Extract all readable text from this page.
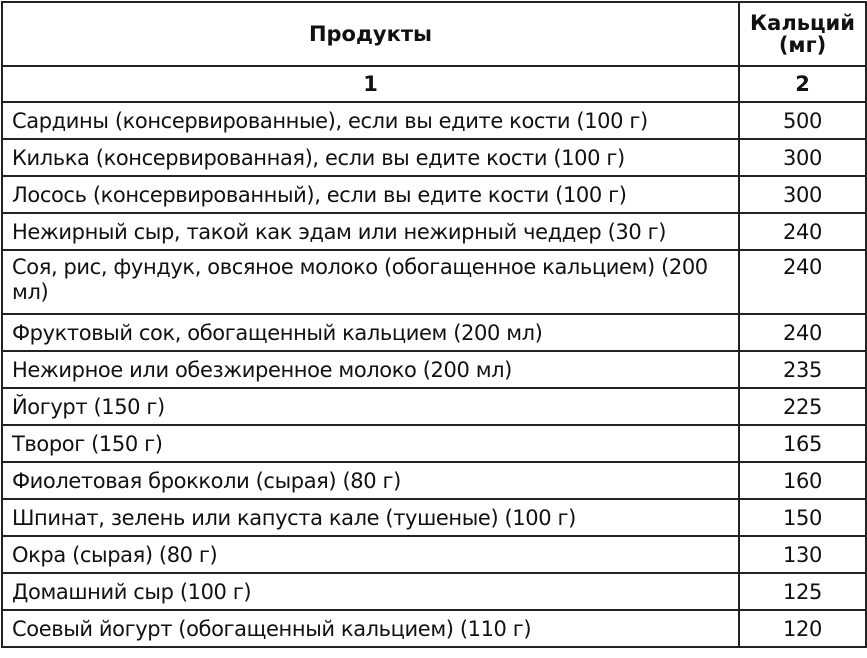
Продукты	Кальций (мг)
1	2
Сардины (консервированные), если вы едите кости (100 г)	500
Килька (консервированная), если вы едите кости (100 г)	300
Лосось (консервированный), если вы едите кости (100 г)	300
Нежирный сыр, такой как эдам или нежирный чеддер (30 г)	240
Соя, рис, фундук, овсяное молоко (обогащенное кальцием) (200 мл)	240
Фруктовый сок, обогащенный кальцием (200 мл)	240
Нежирное или обезжиренное молоко (200 мл)	235
Йогурт (150 г)	225
Творог (150 г)	165
Фиолетовая брокколи (сырая) (80 г)	160
Шпинат, зелень или капуста кале (тушеные) (100 г)	150
Окра (сырая) (80 г)	130
Домашний сыр (100 г)	125
Соевый йогурт (обогащенный кальцием) (110 г)	120
